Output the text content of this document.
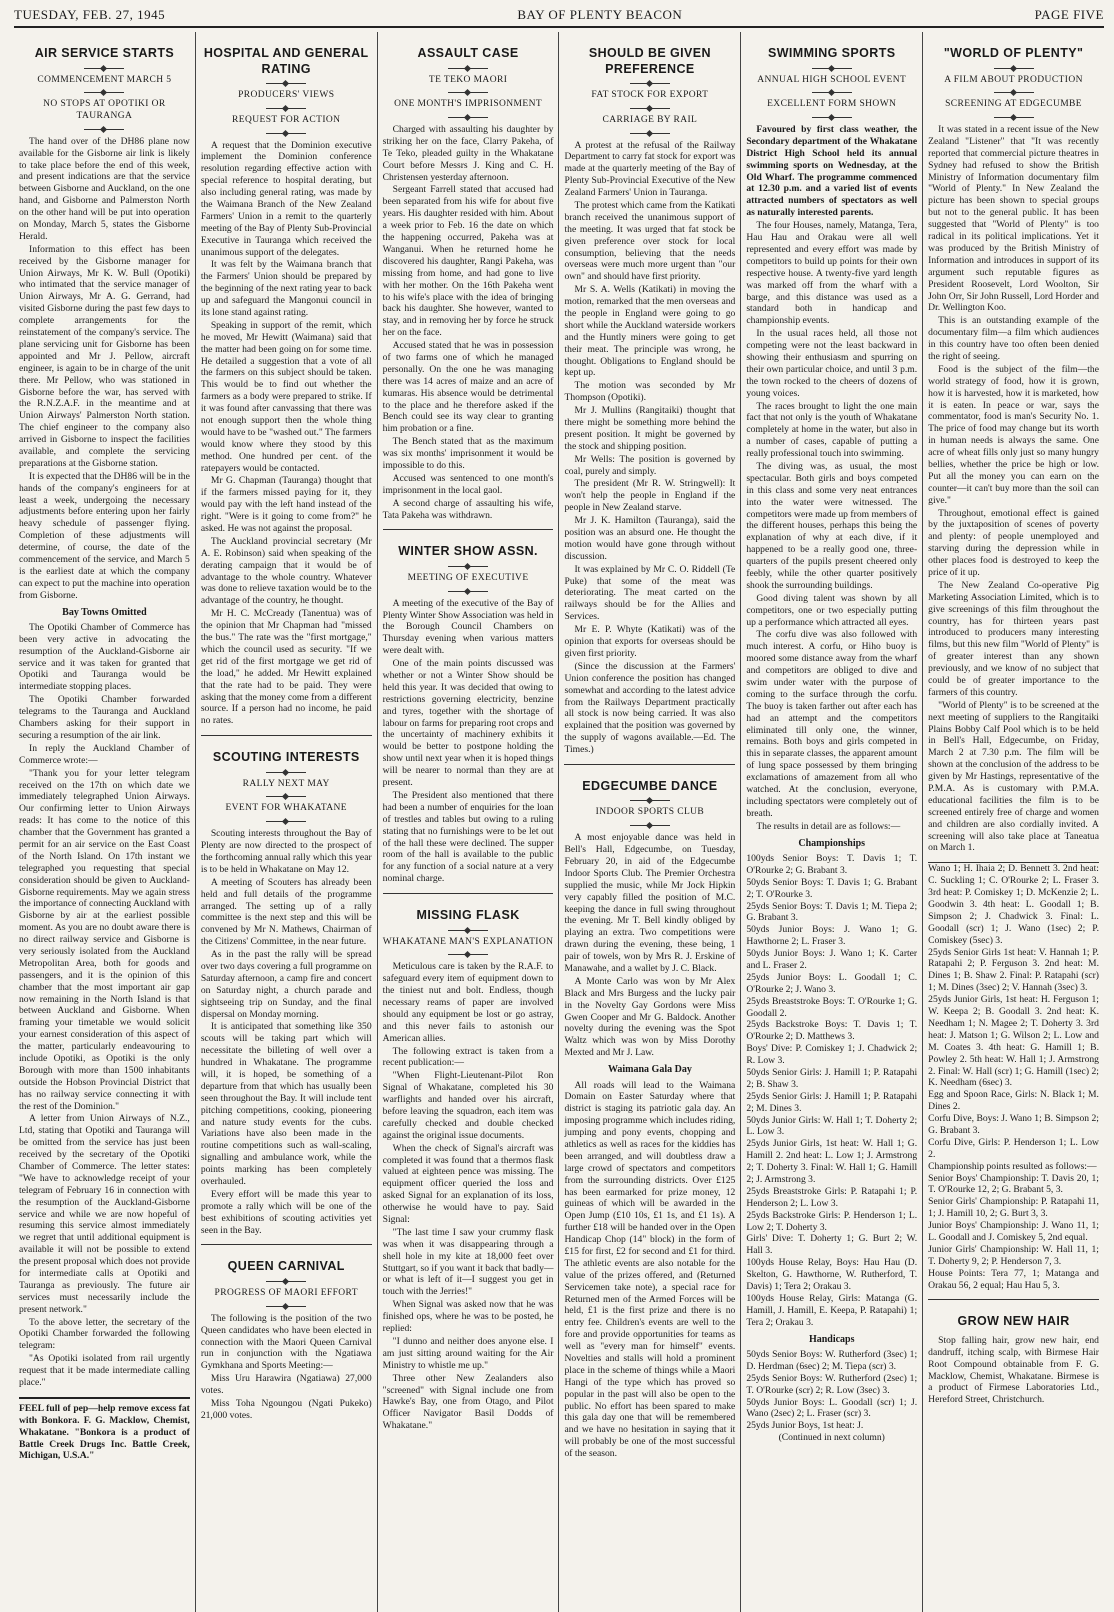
TUESDAY, FEB. 27, 1945	BAY OF PLENTY BEACON	PAGE FIVE
AIR SERVICE STARTS
COMMENCEMENT MARCH 5
NO STOPS AT OPOTIKI OR TAURANGA

The hand over of the DH86 plane now available for the Gisborne air link is likely to take place before the end of this week, and present indications are that the service between Gisborne and Auckland, on the one hand, and Gisborne and Palmerston North on the other hand will be put into operation on Monday, March 5, states the Gisborne Herald.

Information to this effect has been received by the Gisborne manager for Union Airways, Mr K. W. Bull (Opotiki) who intimated that the service manager of Union Airways, Mr A. G. Gerrand, had visited Gisborne during the past few days to complete arrangements for the reinstatement of the company's service. The plane servicing unit for Gisborne has been appointed and Mr J. Pellow, aircraft engineer, is again to be in charge of the unit there. Mr Pellow, who was stationed in Gisborne before the war, has served with the R.N.Z.A.F. in the meantime and at Union Airways' Palmerston North station. The chief engineer to the company also arrived in Gisborne to inspect the facilities available, and complete the servicing preparations at the Gisborne station.

It is expected that the DH86 will be in the hands of the company's engineers for at least a week, undergoing the necessary adjustments before entering upon her fairly heavy schedule of passenger flying. Completion of these adjustments will determine, of course, the date of the commencement of the service, and March 5 is the earliest date at which the company can expect to put the machine into operation from Gisborne.

Bay Towns Omitted

The Opotiki Chamber of Commerce has been very active in advocating the resumption of the Auckland-Gisborne air service and it was taken for granted that Opotiki and Tauranga would be intermediate stopping places.

The Opotiki Chamber forwarded telegrams to the Tauranga and Auckland Chambers asking for their support in securing a resumption of the air link.

In reply the Auckland Chamber of Commerce wrote:—

"Thank you for your letter telegram received on the 17th on which date we immediately telegraphed Union Airways. Our confirming letter to Union Airways reads: It has come to the notice of this chamber that the Government has granted a permit for an air service on the East Coast of the North Island. On 17th instant we telegraphed you requesting that special consideration should be given to Auckland-Gisborne requirements. May we again stress the importance of connecting Auckland with Gisborne by air at the earliest possible moment. As you are no doubt aware there is no direct railway service and Gisborne is very seriously isolated from the Auckland Metropolitan Area, both for goods and passengers, and it is the opinion of this chamber that the most important air gap now remaining in the North Island is that between Auckland and Gisborne. When framing your timetable we would solicit your earnest consideration of this aspect of the matter, particularly endeavouring to include Opotiki, as Opotiki is the only Borough with more than 1500 inhabitants outside the Hobson Provincial District that has no railway service connecting it with the rest of the Dominion."

A letter from Union Airways of N.Z., Ltd, stating that Opotiki and Tauranga will be omitted from the service has just been received by the secretary of the Opotiki Chamber of Commerce. The letter states: "We have to acknowledge receipt of your telegram of February 16 in connection with the resumption of the Auckland-Gisborne service and while we are now hopeful of resuming this service almost immediately we regret that until additional equipment is available it will not be possible to extend the present proposal which does not provide for intermediate calls at Opotiki and Tauranga as previously. The future air services must necessarily include the present network."

To the above letter, the secretary of the Opotiki Chamber forwarded the following telegram:

"As Opotiki isolated from rail urgently request that it be made intermediate calling place."

FEEL full of pep—help remove excess fat with Bonkora. F. G. Macklow, Chemist, Whakatane. "Bonkora is a product of Battle Creek Drugs Inc. Battle Creek, Michigan, U.S.A."

HOSPITAL AND GENERAL RATING
PRODUCERS' VIEWS
REQUEST FOR ACTION

A request that the Dominion executive implement the Dominion conference resolution regarding effective action with special reference to hospital derating, but also including general rating, was made by the Waimana Branch of the New Zealand Farmers' Union in a remit to the quarterly meeting of the Bay of Plenty Sub-Provincial Executive in Tauranga which received the unanimous support of the delegates.

It was felt by the Waimana branch that the Farmers' Union should be prepared by the beginning of the next rating year to back up and safeguard the Mangonui council in its lone stand against rating.

Speaking in support of the remit, which he moved, Mr Hewitt (Waimana) said that the matter had been going on for some time. He detailed a suggestion that a vote of all the farmers on this subject should be taken. This would be to find out whether the farmers as a body were prepared to strike. If it was found after canvassing that there was not enough support then the whole thing would have to be "washed out." The farmers would know where they stood by this method. One hundred per cent. of the ratepayers would be contacted.

Mr G. Chapman (Tauranga) thought that if the farmers missed paying for it, they would pay with the left hand instead of the right. "Were is it going to come from?" he asked. He was not against the proposal.

The Auckland provincial secretary (Mr A. E. Robinson) said when speaking of the derating campaign that it would be of advantage to the whole country. Whatever was done to relieve taxation would be to the advantage of the country, he thought.

Mr H. C. McCready (Tanentua) was of the opinion that Mr Chapman had "missed the bus." The rate was the "first mortgage," which the council used as security. "If we get rid of the first mortgage we get rid of the load," he added. Mr Hewitt explained that the rate had to be paid. They were asking that the money come from a different source. If a person had no income, he paid no rates.

SCOUTING INTERESTS
RALLY NEXT MAY
EVENT FOR WHAKATANE

Scouting interests throughout the Bay of Plenty are now directed to the prospect of the forthcoming annual rally which this year is to be held in Whakatane on May 12.

A meeting of Scouters has already been held and full details of the programme arranged. The setting up of a rally committee is the next step and this will be convened by Mr N. Mathews, Chairman of the Citizens' Committee, in the near future.

As in the past the rally will be spread over two days covering a full programme on Saturday afternoon, a camp fire and concert on Saturday night, a church parade and sightseeing trip on Sunday, and the final dispersal on Monday morning.

It is anticipated that something like 350 scouts will be taking part which will necessitate the billeting of well over a hundred in Whakatane. The programme will, it is hoped, be something of a departure from that which has usually been seen throughout the Bay. It will include tent pitching competitions, cooking, pioneering and nature study events for the cubs. Variations have also been made in the routine competitions such as wall-scaling, signalling and ambulance work, while the points marking has been completely overhauled.

Every effort will be made this year to promote a rally which will be one of the best exhibitions of scouting activities yet seen in the Bay.

QUEEN CARNIVAL
PROGRESS OF MAORI EFFORT

The following is the position of the two Queen candidates who have been elected in connection with the Maori Queen Carnival run in conjunction with the Ngatiawa Gymkhana and Sports Meeting:—

Miss Uru Harawira (Ngatiawa) 27,000 votes.

Miss Toha Ngoungou (Ngati Pukeko) 21,000 votes.

ASSAULT CASE
TE TEKO MAORI
ONE MONTH'S IMPRISONMENT

Charged with assaulting his daughter by striking her on the face, Clarry Pakeha, of Te Teko, pleaded guilty in the Whakatane Court before Messrs J. King and C. H. Christensen yesterday afternoon.

Sergeant Farrell stated that accused had been separated from his wife for about five years. His daughter resided with him. About a week prior to Feb. 16 the date on which the happening occurred, Pakeha was at Wanganui. When he returned home he discovered his daughter, Rangi Pakeha, was missing from home, and had gone to live with her mother. On the 16th Pakeha went to his wife's place with the idea of bringing back his daughter. She however, wanted to stay, and in removing her by force he struck her on the face.

Accused stated that he was in possession of two farms one of which he managed personally. On the one he was managing there was 14 acres of maize and an acre of kumaras. His absence would be detrimental to the place and he therefore asked if the Bench could see its way clear to granting him probation or a fine.

The Bench stated that as the maximum was six months' imprisonment it would be impossible to do this.

Accused was sentenced to one month's imprisonment in the local gaol.

A second charge of assaulting his wife, Tata Pakeha was withdrawn.

WINTER SHOW ASSN.
MEETING OF EXECUTIVE

A meeting of the executive of the Bay of Plenty Winter Show Association was held in the Borough Council Chambers on Thursday evening when various matters were dealt with.

One of the main points discussed was whether or not a Winter Show should be held this year. It was decided that owing to restrictions governing electricity, benzine and tyres, together with the shortage of labour on farms for preparing root crops and the uncertainty of machinery exhibits it would be better to postpone holding the show until next year when it is hoped things will be nearer to normal than they are at present.

The President also mentioned that there had been a number of enquiries for the loan of trestles and tables but owing to a ruling stating that no furnishings were to be let out of the hall these were declined. The supper room of the hall is available to the public for any function of a social nature at a very nominal charge.

MISSING FLASK
WHAKATANE MAN'S EXPLANATION

Meticulous care is taken by the R.A.F. to safeguard every item of equipment down to the tiniest nut and bolt. Endless, though necessary reams of paper are involved should any equipment be lost or go astray, and this never fails to astonish our American allies.

The following extract is taken from a recent publication:—

"When Flight-Lieutenant-Pilot Ron Signal of Whakatane, completed his 30 warflights and handed over his aircraft, before leaving the squadron, each item was carefully checked and double checked against the original issue documents.

When the check of Signal's aircraft was completed it was found that a thermos flask valued at eighteen pence was missing. The equipment officer queried the loss and asked Signal for an explanation of its loss, otherwise he would have to pay. Said Signal:

"The last time I saw your crummy flask was when it was disappearing through a shell hole in my kite at 18,000 feet over Stuttgart, so if you want it back that badly—or what is left of it—I suggest you get in touch with the Jerries!"

When Signal was asked now that he was finished ops, where he was to be posted, he replied:

"I dunno and neither does anyone else. I am just sitting around waiting for the Air Ministry to whistle me up."

Three other New Zealanders also "screened" with Signal include one from Hawke's Bay, one from Otago, and Pilot Officer Navigator Basil Dodds of Whakatane."

SHOULD BE GIVEN PREFERENCE
FAT STOCK FOR EXPORT
CARRIAGE BY RAIL

A protest at the refusal of the Railway Department to carry fat stock for export was made at the quarterly meeting of the Bay of Plenty Sub-Provincial Executive of the New Zealand Farmers' Union in Tauranga.

The protest which came from the Katikati branch received the unanimous support of the meeting. It was urged that fat stock be given preference over stock for local consumption, believing that the needs overseas were much more urgent than "our own" and should have first priority.

Mr S. A. Wells (Katikati) in moving the motion, remarked that the men overseas and the people in England were going to go short while the Auckland waterside workers and the Huntly miners were going to get their meat. The principle was wrong, he thought. Obligations to England should be kept up.

The motion was seconded by Mr Thompson (Opotiki).

Mr J. Mullins (Rangitaiki) thought that there might be something more behind the present position. It might be governed by the stock and shipping position.

Mr Wells: The position is governed by coal, purely and simply.

The president (Mr R. W. Stringwell): It won't help the people in England if the people in New Zealand starve.

Mr J. K. Hamilton (Tauranga), said the position was an absurd one. He thought the motion would have gone through without discussion.

It was explained by Mr C. O. Riddell (Te Puke) that some of the meat was deteriorating. The meat carted on the railways should be for the Allies and Services.

Mr E. P. Whyte (Katikati) was of the opinion that exports for overseas should be given first priority.

(Since the discussion at the Farmers' Union conference the position has changed somewhat and according to the latest advice from the Railways Department practically all stock is now being carried. It was also explained that the position was governed by the supply of wagons available.—Ed. The Times.)

EDGECUMBE DANCE
INDOOR SPORTS CLUB

A most enjoyable dance was held in Bell's Hall, Edgecumbe, on Tuesday, February 20, in aid of the Edgecumbe Indoor Sports Club. The Premier Orchestra supplied the music, while Mr Jock Hipkin very capably filled the position of M.C. keeping the dance in full swing throughout the evening. Mr T. Bell kindly obliged by playing an extra. Two competitions were drawn during the evening, these being, 1 pair of towels, won by Mrs R. J. Erskine of Manawahe, and a wallet by J. C. Black.

A Monte Carlo was won by Mr Alex Black and Mrs Burgess and the lucky pair in the Novelty Gay Gordons were Miss Gwen Cooper and Mr G. Baldock. Another novelty during the evening was the Spot Waltz which was won by Miss Dorothy Mexted and Mr J. Law.

Waimana Gala Day

All roads will lead to the Waimana Domain on Easter Saturday where that district is staging its patriotic gala day. An imposing programme which includes riding, jumping and pony events, chopping and athletics as well as races for the kiddies has been arranged, and will doubtless draw a large crowd of spectators and competitors from the surrounding districts. Over £125 has been earmarked for prize money, 12 guineas of which will be awarded in the Open Jump (£10 10s, £1 1s, and £1 1s). A further £18 will be handed over in the Open Handicap Chop (14" block) in the form of £15 for first, £2 for second and £1 for third. The athletic events are also notable for the value of the prizes offered, and (Returned Servicemen take note), a special race for Returned men of the Armed Forces will be held, £1 is the first prize and there is no entry fee. Children's events are well to the fore and provide opportunities for teams as well as "every man for himself" events. Novelties and stalls will hold a prominent place in the scheme of things while a Maori Hangi of the type which has proved so popular in the past will also be open to the public. No effort has been spared to make this gala day one that will be remembered and we have no hesitation in saying that it will probably be one of the most successful of the season.

SWIMMING SPORTS
ANNUAL HIGH SCHOOL EVENT
EXCELLENT FORM SHOWN

Favoured by first class weather, the Secondary department of the Whakatane District High School held its annual swimming sports on Wednesday, at the Old Wharf. The programme commenced at 12.30 p.m. and a varied list of events attracted numbers of spectators as well as naturally interested parents.

The four Houses, namely, Matanga, Tera, Hau Hau and Orakau were all well represented and every effort was made by competitors to build up points for their own respective house. A twenty-five yard length was marked off from the wharf with a barge, and this distance was used as a standard both in handicap and championship events.

In the usual races held, all those not competing were not the least backward in showing their enthusiasm and spurring on their own particular choice, and until 3 p.m. the town rocked to the cheers of dozens of young voices.

The races brought to light the one main fact that not only is the youth of Whakatane completely at home in the water, but also in a number of cases, capable of putting a really professional touch into swimming.

The diving was, as usual, the most spectacular. Both girls and boys competed in this class and some very neat entrances into the water were witnessed. The competitors were made up from members of the different houses, perhaps this being the explanation of why at each dive, if it happened to be a really good one, three-quarters of the pupils present cheered only feebly, while the other quarter positively shook the surrounding buildings.

Good diving talent was shown by all competitors, one or two especially putting up a performance which attracted all eyes.

The corfu dive was also followed with much interest. A corfu, or Hiho buoy is moored some distance away from the wharf and competitors are obliged to dive and swim under water with the purpose of coming to the surface through the corfu. The buoy is taken farther out after each has had an attempt and the competitors eliminated till only one, the winner, remains. Both boys and girls competed in this in separate classes, the apparent amount of lung space possessed by them bringing exclamations of amazement from all who watched. At the conclusion, everyone, including spectators were completely out of breath.

The results in detail are as follows:—

Championships

100yds Senior Boys: T. Davis 1; T. O'Rourke 2; G. Brabant 3.

50yds Senior Boys: T. Davis 1; G. Brabant 2; T. O'Rourke 3.

25yds Senior Boys: T. Davis 1; M. Tiepa 2; G. Brabant 3.

50yds Junior Boys: J. Wano 1; G. Hawthorne 2; L. Fraser 3.

50yds Junior Boys: J. Wano 1; K. Carter and L. Fraser 2.

25yds Junior Boys: L. Goodall 1; C. O'Rourke 2; J. Wano 3.

25yds Breaststroke Boys: T. O'Rourke 1; G. Goodall 2.

25yds Backstroke Boys: T. Davis 1; T. O'Rourke 2; D. Matthews 3.

Boys' Dive: P. Comiskey 1; J. Chadwick 2; R. Low 3.

50yds Senior Girls: J. Hamill 1; P. Ratapahi 2; B. Shaw 3.

25yds Senior Girls: J. Hamill 1; P. Ratapahi 2; M. Dines 3.

50yds Junior Girls: W. Hall 1; T. Doherty 2; L. Low 3.

25yds Junior Girls, 1st heat: W. Hall 1; G. Hamill 2. 2nd heat: L. Low 1; J. Armstrong 2; T. Doherty 3. Final: W. Hall 1; G. Hamill 2; J. Armstrong 3.

25yds Breaststroke Girls: P. Ratapahi 1; P. Henderson 2; L. Low 3.

25yds Backstroke Girls: P. Henderson 1; L. Low 2; T. Doherty 3.

Girls' Dive: T. Doherty 1; G. Burt 2; W. Hall 3.

100yds House Relay, Boys: Hau Hau (D. Skelton, G. Hawthorne, W. Rutherford, T. Davis) 1; Tera 2; Orakau 3.

100yds House Relay, Girls: Matanga (G. Hamill, J. Hamill, E. Keepa, P. Ratapahi) 1; Tera 2; Orakau 3.

Handicaps

50yds Senior Boys: W. Rutherford (3sec) 1; D. Herdman (6sec) 2; M. Tiepa (scr) 3.

25yds Senior Boys: W. Rutherford (2sec) 1; T. O'Rourke (scr) 2; R. Low (3sec) 3.

50yds Junior Boys: L. Goodall (scr) 1; J. Wano (2sec) 2; L. Fraser (scr) 3.

25yds Junior Boys, 1st heat: J.

(Continued in next column)

"WORLD OF PLENTY"
A FILM ABOUT PRODUCTION
SCREENING AT EDGECUMBE

It was stated in a recent issue of the New Zealand "Listener" that "It was recently reported that commercial picture theatres in Sydney had refused to show the British Ministry of Information documentary film "World of Plenty." In New Zealand the picture has been shown to special groups but not to the general public. It has been suggested that "World of Plenty" is too radical in its political implications. Yet it was produced by the British Ministry of Information and introduces in support of its argument such reputable figures as President Roosevelt, Lord Woolton, Sir John Orr, Sir John Russell, Lord Horder and Dr. Wellington Koo.

This is an outstanding example of the documentary film—a film which audiences in this country have too often been denied the right of seeing.

Food is the subject of the film—the world strategy of food, how it is grown, how it is harvested, how it is marketed, how it is eaten. In peace or war, says the commentator, food is man's Security No. 1. The price of food may change but its worth in human needs is always the same. One acre of wheat fills only just so many hungry bellies, whether the price be high or low. Put all the money you can earn on the counter—it can't buy more than the soil can give."

Throughout, emotional effect is gained by the juxtaposition of scenes of poverty and plenty: of people unemployed and starving during the depression while in other places food is destroyed to keep the price of it up.

The New Zealand Co-operative Pig Marketing Association Limited, which is to give screenings of this film throughout the country, has for thirteen years past introduced to producers many interesting films, but this new film "World of Plenty" is of greater interest than any shown previously, and we know of no subject that could be of greater importance to the farmers of this country.

"World of Plenty" is to be screened at the next meeting of suppliers to the Rangitaiki Plains Bobby Calf Pool which is to be held in Bell's Hall, Edgecumbe, on Friday, March 2 at 7.30 p.m. The film will be shown at the conclusion of the address to be given by Mr Hastings, representative of the P.M.A. As is customary with P.M.A. educational facilities the film is to be screened entirely free of charge and women and children are also cordially invited. A screening will also take place at Taneatua on March 1.

Wano 1; H. Ihaia 2; D. Bennett 3. 2nd heat: C. Suckling 1; C. O'Rourke 2; L. Fraser 3. 3rd heat: P. Comiskey 1; D. McKenzie 2; L. Goodwin 3. 4th heat: L. Goodall 1; B. Simpson 2; J. Chadwick 3. Final: L. Goodall (scr) 1; J. Wano (1sec) 2; P. Comiskey (5sec) 3.

25yds Senior Girls 1st heat: V. Hannah 1; P. Ratapahi 2; P. Ferguson 3. 2nd heat: M. Dines 1; B. Shaw 2. Final: P. Ratapahi (scr) 1; M. Dines (3sec) 2; V. Hannah (3sec) 3.

25yds Junior Girls, 1st heat: H. Ferguson 1; W. Keepa 2; B. Goodall 3. 2nd heat: K. Needham 1; N. Magee 2; T. Doherty 3. 3rd heat: J. Matson 1; G. Wilson 2; L. Low and M. Coates 3. 4th heat: G. Hamill 1; B. Powley 2. 5th heat: W. Hall 1; J. Armstrong 2. Final: W. Hall (scr) 1; G. Hamill (1sec) 2; K. Needham (6sec) 3.

Egg and Spoon Race, Girls: N. Black 1; M. Dines 2.

Corfu Dive, Boys: J. Wano 1; B. Simpson 2; G. Brabant 3.

Corfu Dive, Girls: P. Henderson 1; L. Low 2.

Championship points resulted as follows:—

Senior Boys' Championship: T. Davis 20, 1; T. O'Rourke 12, 2; G. Brabant 5, 3.

Senior Girls' Championship: P. Ratapahi 11, 1; J. Hamill 10, 2; G. Burt 3, 3.

Junior Boys' Championship: J. Wano 11, 1; L. Goodall and J. Comiskey 5, 2nd equal.

Junior Girls' Championship: W. Hall 11, 1; T. Doherty 9, 2; P. Henderson 7, 3.

House Points: Tera 77, 1; Matanga and Orakau 56, 2 equal; Hau Hau 5, 3.

GROW NEW HAIR

Stop falling hair, grow new hair, end dandruff, itching scalp, with Birmese Hair Root Compound obtainable from F. G. Macklow, Chemist, Whakatane. Birmese is a product of Firmese Laboratories Ltd., Hereford Street, Christchurch.
